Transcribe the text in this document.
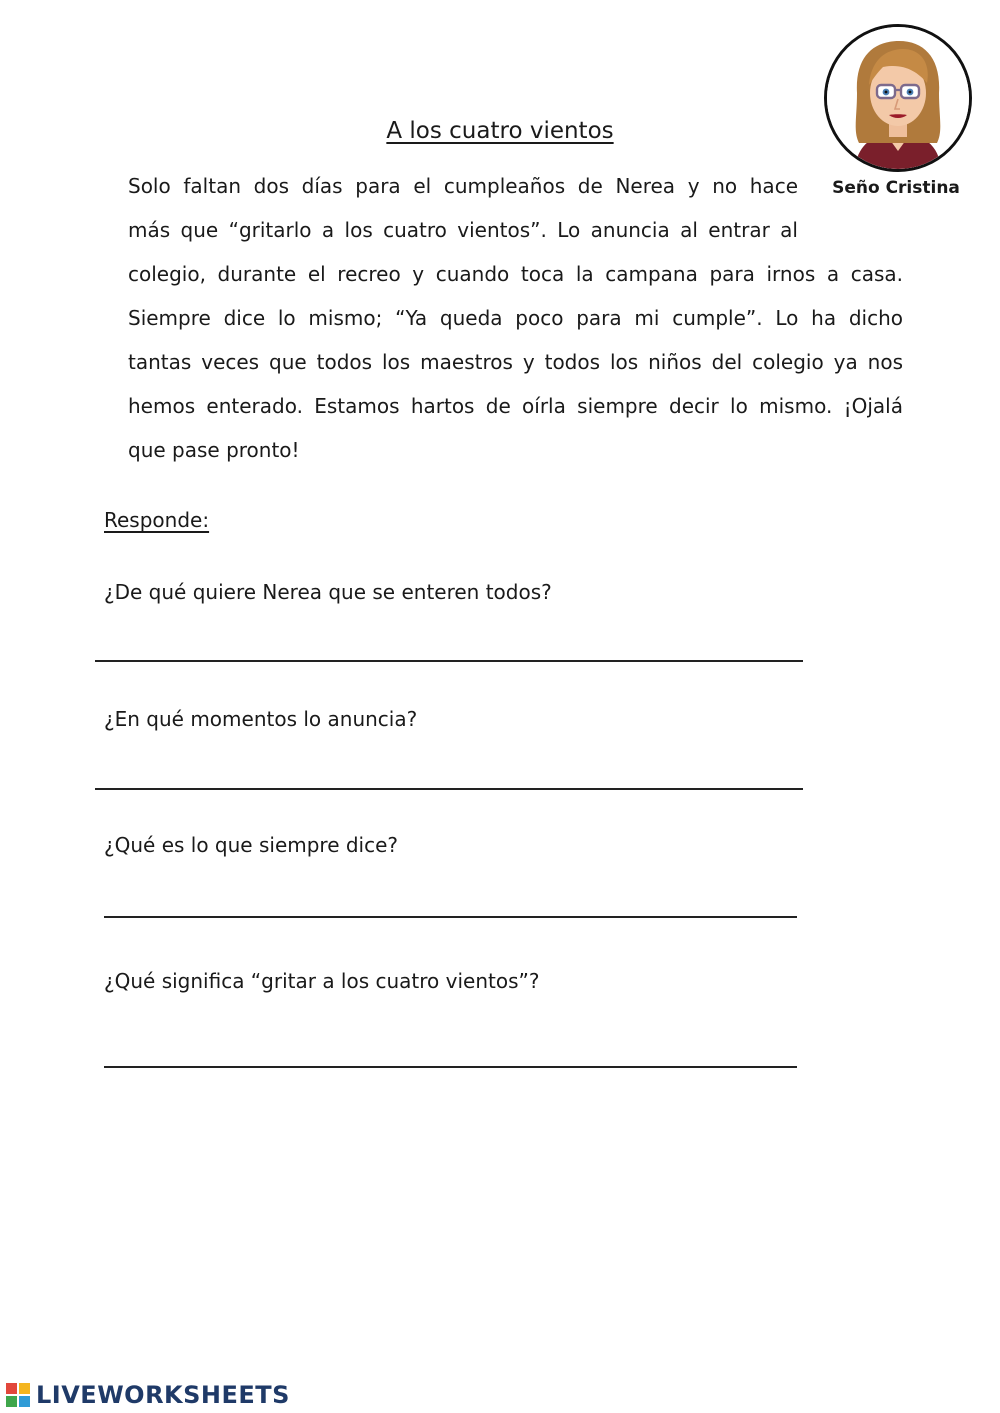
A los cuatro vientos
Seño Cristina
Solo faltan dos días para el cumpleaños de Nerea y no hace
más que “gritarlo a los cuatro vientos”. Lo anuncia al entrar al
colegio, durante el recreo y cuando toca la campana para irnos a casa.
Siempre dice lo mismo; “Ya queda poco para mi cumple”. Lo ha dicho
tantas veces que todos los maestros y todos los niños del colegio ya nos
hemos enterado. Estamos hartos de oírla siempre decir lo mismo. ¡Ojalá
que pase pronto!
Responde:
¿De qué quiere Nerea que se enteren todos?
¿En qué momentos lo anuncia?
¿Qué es lo que siempre dice?
¿Qué significa “gritar a los cuatro vientos”?
LIVEWORKSHEETS
